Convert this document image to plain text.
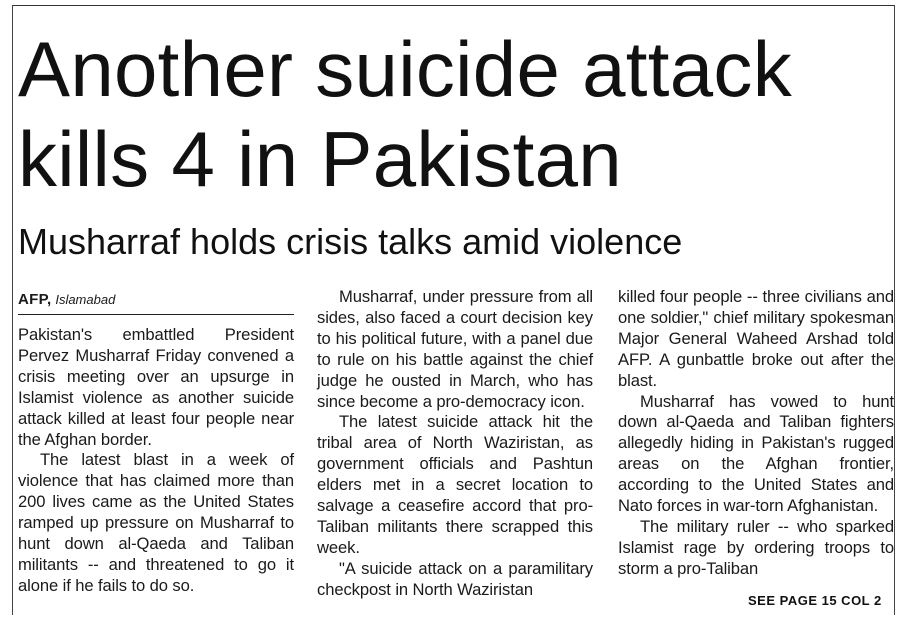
Another suicide attack kills 4 in Pakistan
Musharraf holds crisis talks amid violence
AFP, Islamabad

Pakistan's embattled President Pervez Musharraf Friday convened a crisis meeting over an upsurge in Islamist violence as another suicide attack killed at least four people near the Afghan border.

The latest blast in a week of violence that has claimed more than 200 lives came as the United States ramped up pressure on Musharraf to hunt down al-Qaeda and Taliban militants -- and threatened to go it alone if he fails to do so.

Musharraf, under pressure from all sides, also faced a court decision key to his political future, with a panel due to rule on his battle against the chief judge he ousted in March, who has since become a pro-democracy icon.

The latest suicide attack hit the tribal area of North Waziristan, as government officials and Pashtun elders met in a secret location to salvage a ceasefire accord that pro-Taliban militants there scrapped this week.

"A suicide attack on a paramilitary checkpost in North Waziristan

killed four people -- three civilians and one soldier," chief military spokesman Major General Waheed Arshad told AFP. A gunbattle broke out after the blast.

Musharraf has vowed to hunt down al-Qaeda and Taliban fighters allegedly hiding in Pakistan's rugged areas on the Afghan frontier, according to the United States and Nato forces in war-torn Afghanistan.

The military ruler -- who sparked Islamist rage by ordering troops to storm a pro-Taliban

SEE PAGE 15 COL 2
